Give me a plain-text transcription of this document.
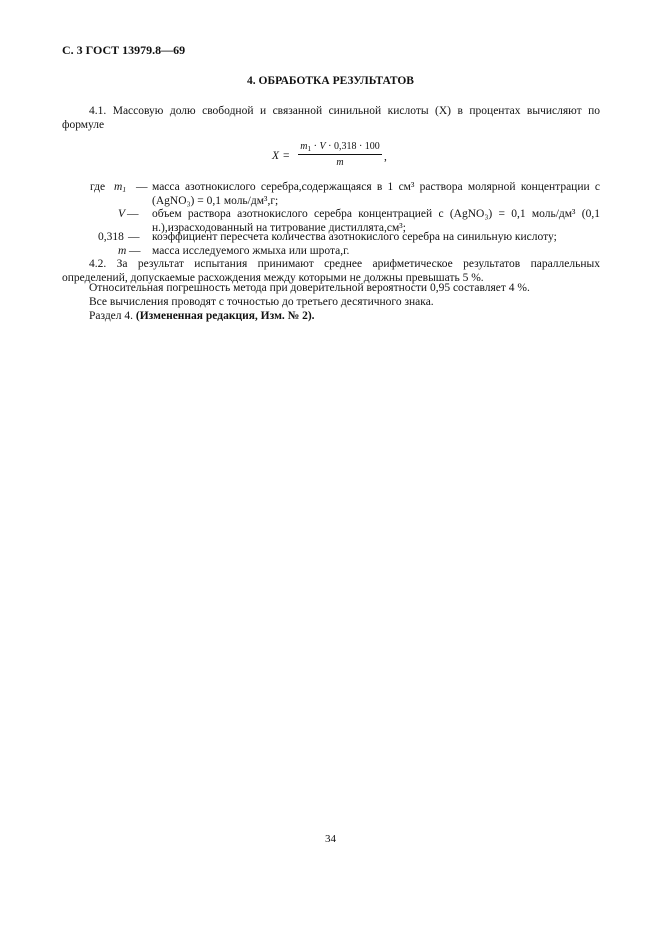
С. 3 ГОСТ 13979.8—69
4. ОБРАБОТКА РЕЗУЛЬТАТОВ
4.1. Массовую долю свободной и связанной синильной кислоты (X) в процентах вычисляют по формуле
X =
$m_1 \cdot V \cdot 0,318 \cdot 100$
m	,
где $m_1$ — масса азотнокислого серебра,содержащаяся в 1 см³ раствора молярной концентрации c (AgNO₃) = 0,1 моль/дм³,г;
V — объем раствора азотнокислого серебра концентрацией c (AgNO₃) = 0,1 моль/дм³ (0,1 н.),израсходованный на титрование дистиллята,см³;
0,318 — коэффициент пересчета количества азотнокислого серебра на синильную кислоту;
m — масса исследуемого жмыха или шрота,г.
4.2. За результат испытания принимают среднее арифметическое результатов параллельных определений, допускаемые расхождения между которыми не должны превышать 5 %.
Относительная погрешность метода при доверительной вероятности 0,95 составляет 4 %.
Все вычисления проводят с точностью до третьего десятичного знака.
Раздел 4. (Измененная редакция, Изм. № 2).
34
